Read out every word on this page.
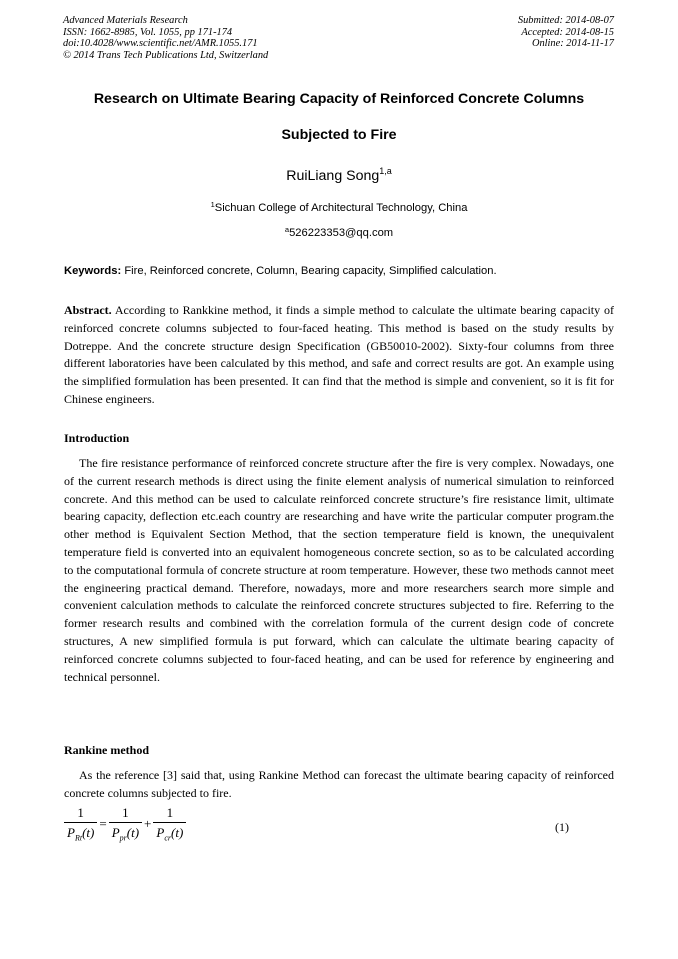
Advanced Materials Research
ISSN: 1662-8985, Vol. 1055, pp 171-174
doi:10.4028/www.scientific.net/AMR.1055.171
© 2014 Trans Tech Publications Ltd, Switzerland
Submitted: 2014-08-07
Accepted: 2014-08-15
Online: 2014-11-17
Research on Ultimate Bearing Capacity of Reinforced Concrete Columns
Subjected to Fire
RuiLiang Song$^{1,a}$
$^1$Sichuan College of Architectural Technology, China
$^a$526223353@qq.com
Keywords: Fire, Reinforced concrete, Column, Bearing capacity, Simplified calculation.
Abstract. According to Rankkine method, it finds a simple method to calculate the ultimate bearing capacity of reinforced concrete columns subjected to four-faced heating. This method is based on the study results by Dotreppe. And the concrete structure design Specification (GB50010-2002). Sixty-four columns from three different laboratories have been calculated by this method, and safe and correct results are got. An example using the simplified formulation has been presented. It can find that the method is simple and convenient, so it is fit for Chinese engineers.
Introduction
The fire resistance performance of reinforced concrete structure after the fire is very complex. Nowadays, one of the current research methods is direct using the finite element analysis of numerical simulation to reinforced concrete. And this method can be used to calculate reinforced concrete structure’s fire resistance limit, ultimate bearing capacity, deflection etc.each country are researching and have write the particular computer program.the other method is Equivalent Section Method, that the section temperature field is known, the unequivalent temperature field is converted into an equivalent homogeneous concrete section, so as to be calculated according to the computational formula of concrete structure at room temperature. However, these two methods cannot meet the engineering practical demand. Therefore, nowadays, more and more researchers search more simple and convenient calculation methods to calculate the reinforced concrete structures subjected to fire. Referring to the former research results and combined with the correlation formula of the current design code of concrete structures, A new simplified formula is put forward, which can calculate the ultimate bearing capacity of reinforced concrete columns subjected to four-faced heating, and can be used for reference by engineering and technical personnel.
Rankine method
As the reference [3] said that, using Rankine Method can forecast the ultimate bearing capacity of reinforced concrete columns subjected to fire.
$\frac{1}{P_{Rt}(t)} = \frac{1}{P_{pr}(t)} + \frac{1}{P_{cr}(t)}$	(1)
